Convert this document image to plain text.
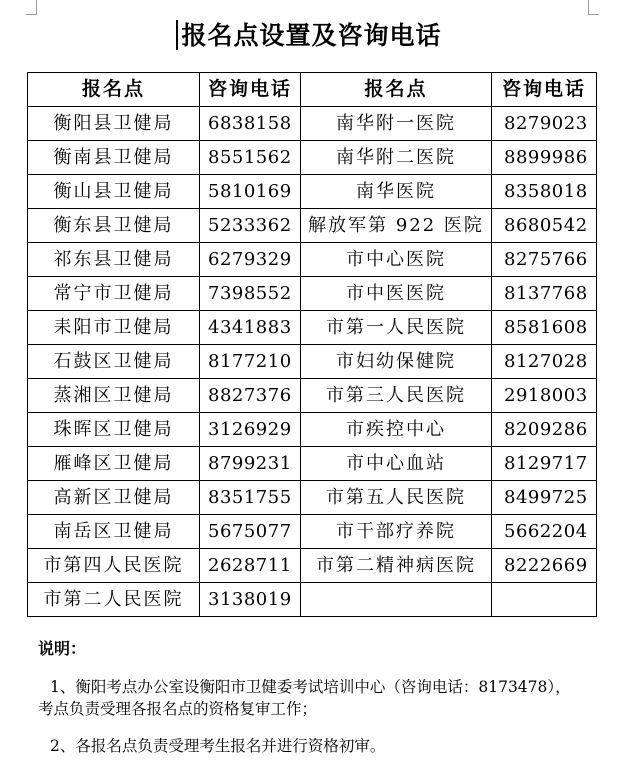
报名点设置及咨询电话
报名点	咨询电话	报名点	咨询电话
衡阳县卫健局	6838158	南华附一医院	8279023
衡南县卫健局	8551562	南华附二医院	8899986
衡山县卫健局	5810169	南华医院	8358018
衡东县卫健局	5233362	解放军第 922 医院	8680542
祁东县卫健局	6279329	市中心医院	8275766
常宁市卫健局	7398552	市中医医院	8137768
耒阳市卫健局	4341883	市第一人民医院	8581608
石鼓区卫健局	8177210	市妇幼保健院	8127028
蒸湘区卫健局	8827376	市第三人民医院	2918003
珠晖区卫健局	3126929	市疾控中心	8209286
雁峰区卫健局	8799231	市中心血站	8129717
高新区卫健局	8351755	市第五人民医院	8499725
南岳区卫健局	5675077	市干部疗养院	5662204
市第四人民医院	2628711	市第二精神病医院	8222669
市第二人民医院	3138019		
说明：
1、衡阳考点办公室设衡阳市卫健委考试培训中心（咨询电话：8173478），考点负责受理各报名点的资格复审工作；
2、各报名点负责受理考生报名并进行资格初审。
